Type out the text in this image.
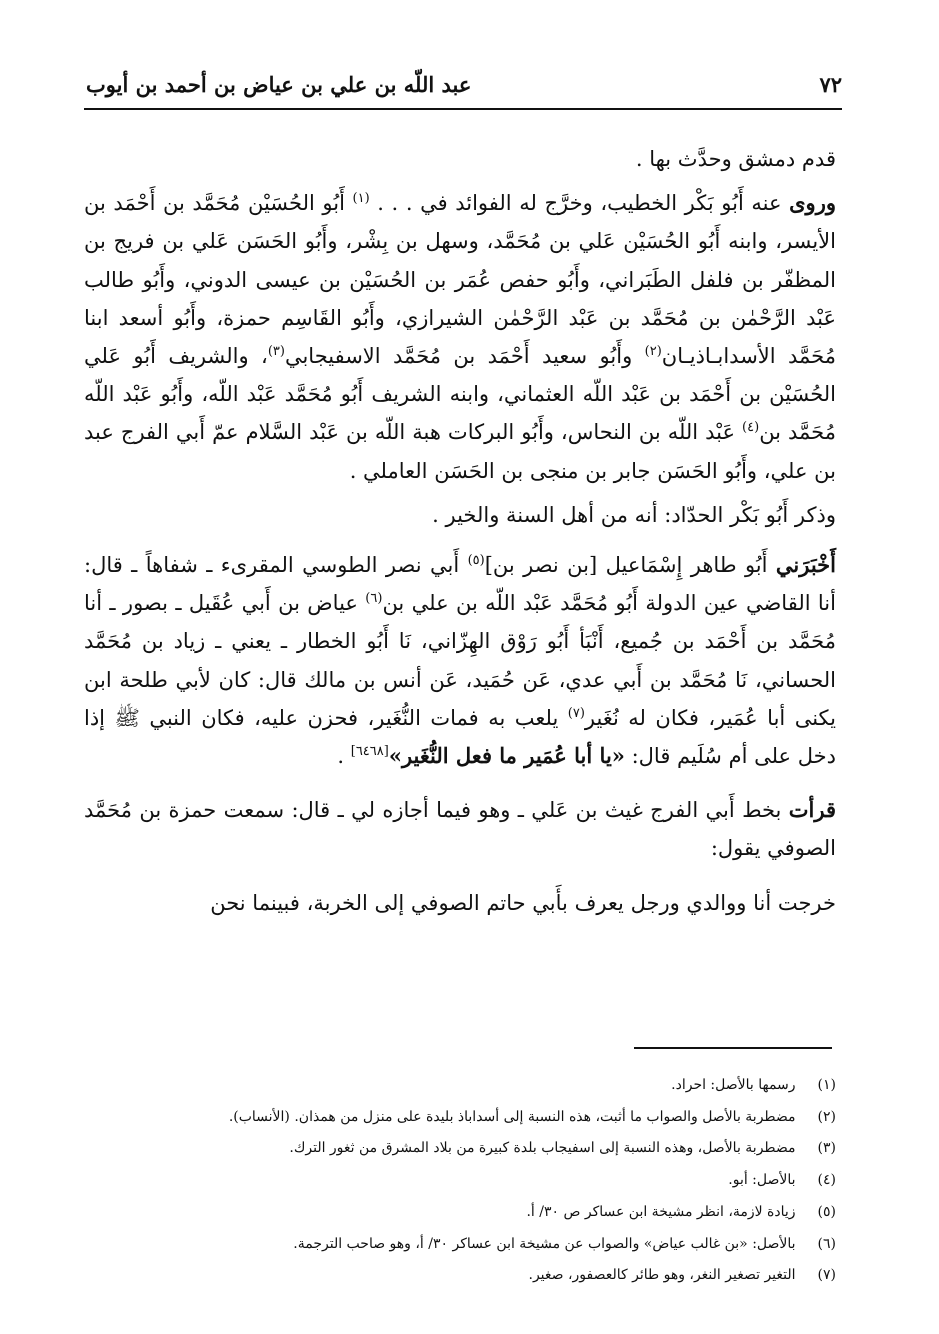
٧٢
عبد اللّه بن علي بن عياض بن أحمد بن أيوب

قدم دمشق وحدَّث بها .

وروى عنه أَبُو بَكْر الخطيب، وخرَّج له الفوائد في . . . $^{(١)}$ أَبُو الحُسَيْن مُحَمَّد بن أَحْمَد بن الأيسر، وابنه أَبُو الحُسَيْن عَلي بن مُحَمَّد، وسهل بن بِشْر، وأَبُو الحَسَن عَلي بن فريج بن المظفّر بن فلفل الطَبَراني، وأَبُو حفص عُمَر بن الحُسَيْن بن عيسى الدوني، وأَبُو طالب عَبْد الرَّحْمٰن بن مُحَمَّد بن عَبْد الرَّحْمٰن الشيرازي، وأَبُو القَاسِم حمزة، وأَبُو أسعد ابنا مُحَمَّد الأسدابـاذيـان$^{(٢)}$ وأَبُو سعيد أَحْمَد بن مُحَمَّد الاسفيجابي$^{(٣)}$، والشريف أَبُو عَلي الحُسَيْن بن أَحْمَد بن عَبْد اللّه العثماني، وابنه الشريف أَبُو مُحَمَّد عَبْد اللّه، وأَبُو عَبْد اللّه مُحَمَّد بن$^{(٤)}$ عَبْد اللّه بن النحاس، وأَبُو البركات هبة اللّه بن عَبْد السَّلام عمّ أَبي الفرج عبد بن علي، وأَبُو الحَسَن جابر بن منجى بن الحَسَن العاملي .

وذكر أَبُو بَكْر الحدّاد: أنه من أهل السنة والخير .

أَخْبَرَني أَبُو طاهر إِسْمَاعيل [بن نصر بن]$^{(٥)}$ أَبي نصر الطوسي المقرىء ـ شفاهاً ـ قال: أنا القاضي عين الدولة أَبُو مُحَمَّد عَبْد اللّه بن علي بن$^{(٦)}$ عياض بن أَبي عُقَيل ـ بصور ـ أنا مُحَمَّد بن أَحْمَد بن جُميع، أَنْبَأ أَبُو رَوْق الهِزّاني، نَا أَبُو الخطار ـ يعني ـ زياد بن مُحَمَّد الحساني، نَا مُحَمَّد بن أَبي عدي، عَن حُمَيد، عَن أنس بن مالك قال: كان لأبي طلحة ابن يكنى أبا عُمَير، فكان له نُغَير$^{(٧)}$ يلعب به فمات النُّغَير، فحزن عليه، فكان النبي ﷺ إذا دخل على أم سُلَيم قال: «يا أبا عُمَير ما فعل النُّغَير»[٦٤٦٨] .

قرأت بخط أَبي الفرج غيث بن عَلي ـ وهو فيما أجازه لي ـ قال: سمعت حمزة بن مُحَمَّد الصوفي يقول:

خرجت أنا ووالدي ورجل يعرف بأَبي حاتم الصوفي إلى الخربة، فبينما نحن

(١) رسمها بالأصل: احراد.
(٢) مضطربة بالأصل والصواب ما أثبت، هذه النسبة إلى أسداباذ بليدة على منزل من همذان. (الأنساب).
(٣) مضطربة بالأصل، وهذه النسبة إلى اسفيجاب بلدة كبيرة من بلاد المشرق من ثغور الترك.
(٤) بالأصل: أبو.
(٥) زيادة لازمة، انظر مشيخة ابن عساكر ص ٣٠/ أ.
(٦) بالأصل: «بن غالب عياض» والصواب عن مشيخة ابن عساكر ٣٠/ أ، وهو صاحب الترجمة.
(٧) التغير تصغير النغر، وهو طائر كالعصفور، صغير.
